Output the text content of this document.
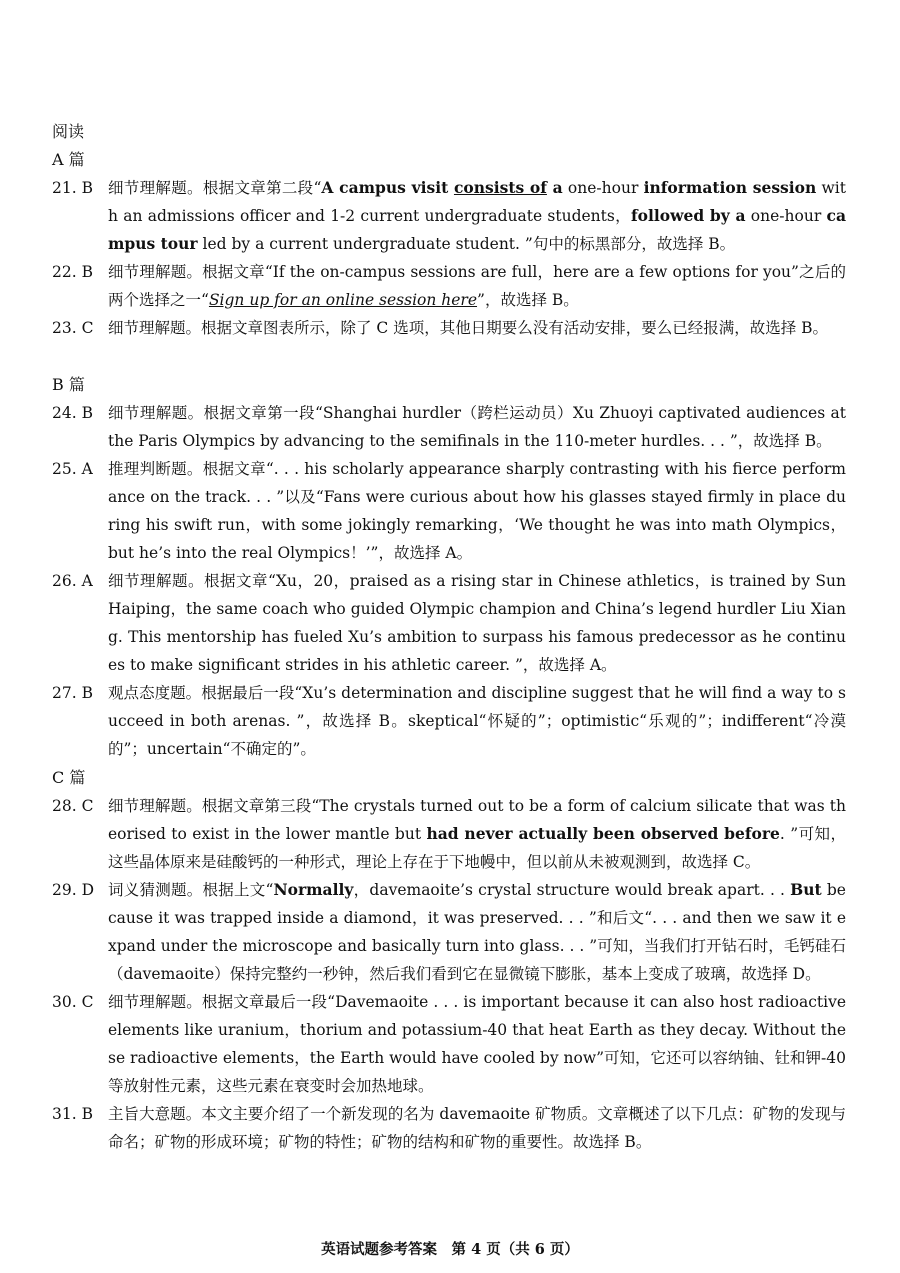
阅读
A 篇
21. B 细节理解题。根据文章第二段“A campus visit consists of a one-hour information session with an admissions officer and 1-2 current undergraduate students，followed by a one-hour campus tour led by a current undergraduate student. ”句中的标黑部分，故选择 B。
22. B 细节理解题。根据文章“If the on-campus sessions are full，here are a few options for you”之后的两个选择之一“Sign up for an online session here”，故选择 B。
23. C 细节理解题。根据文章图表所示，除了 C 选项，其他日期要么没有活动安排，要么已经报满，故选择 B。
B 篇
24. B 细节理解题。根据文章第一段“Shanghai hurdler（跨栏运动员）Xu Zhuoyi captivated audiences at the Paris Olympics by advancing to the semifinals in the 110-meter hurdles. . . ”，故选择 B。
25. A 推理判断题。根据文章“. . . his scholarly appearance sharply contrasting with his fierce performance on the track. . . ”以及“Fans were curious about how his glasses stayed firmly in place during his swift run，with some jokingly remarking，‘We thought he was into math Olympics，but he’s into the real Olympics！’”，故选择 A。
26. A 细节理解题。根据文章“Xu，20，praised as a rising star in Chinese athletics，is trained by Sun Haiping，the same coach who guided Olympic champion and China’s legend hurdler Liu Xiang. This mentorship has fueled Xu’s ambition to surpass his famous predecessor as he continues to make significant strides in his athletic career. ”，故选择 A。
27. B 观点态度题。根据最后一段“Xu’s determination and discipline suggest that he will find a way to succeed in both arenas. ”，故选择 B。skeptical“怀疑的”；optimistic“乐观的”；indifferent“冷漠的”；uncertain“不确定的”。
C 篇
28. C 细节理解题。根据文章第三段“The crystals turned out to be a form of calcium silicate that was theorised to exist in the lower mantle but had never actually been observed before. ”可知，这些晶体原来是硅酸钙的一种形式，理论上存在于下地幔中，但以前从未被观测到，故选择 C。
29. D 词义猜测题。根据上文“Normally，davemaoite’s crystal structure would break apart. . . But because it was trapped inside a diamond，it was preserved. . . ”和后文“. . . and then we saw it expand under the microscope and basically turn into glass. . . ”可知，当我们打开钻石时，毛钙硅石（davemaoite）保持完整约一秒钟，然后我们看到它在显微镜下膨胀，基本上变成了玻璃，故选择 D。
30. C 细节理解题。根据文章最后一段“Davemaoite . . . is important because it can also host radioactive elements like uranium，thorium and potassium-40 that heat Earth as they decay. Without these radioactive elements，the Earth would have cooled by now”可知，它还可以容纳铀、钍和钾-40 等放射性元素，这些元素在衰变时会加热地球。
31. B 主旨大意题。本文主要介绍了一个新发现的名为 davemaoite 矿物质。文章概述了以下几点：矿物的发现与命名；矿物的形成环境；矿物的特性；矿物的结构和矿物的重要性。故选择 B。
英语试题参考答案　第 4 页（共 6 页）
